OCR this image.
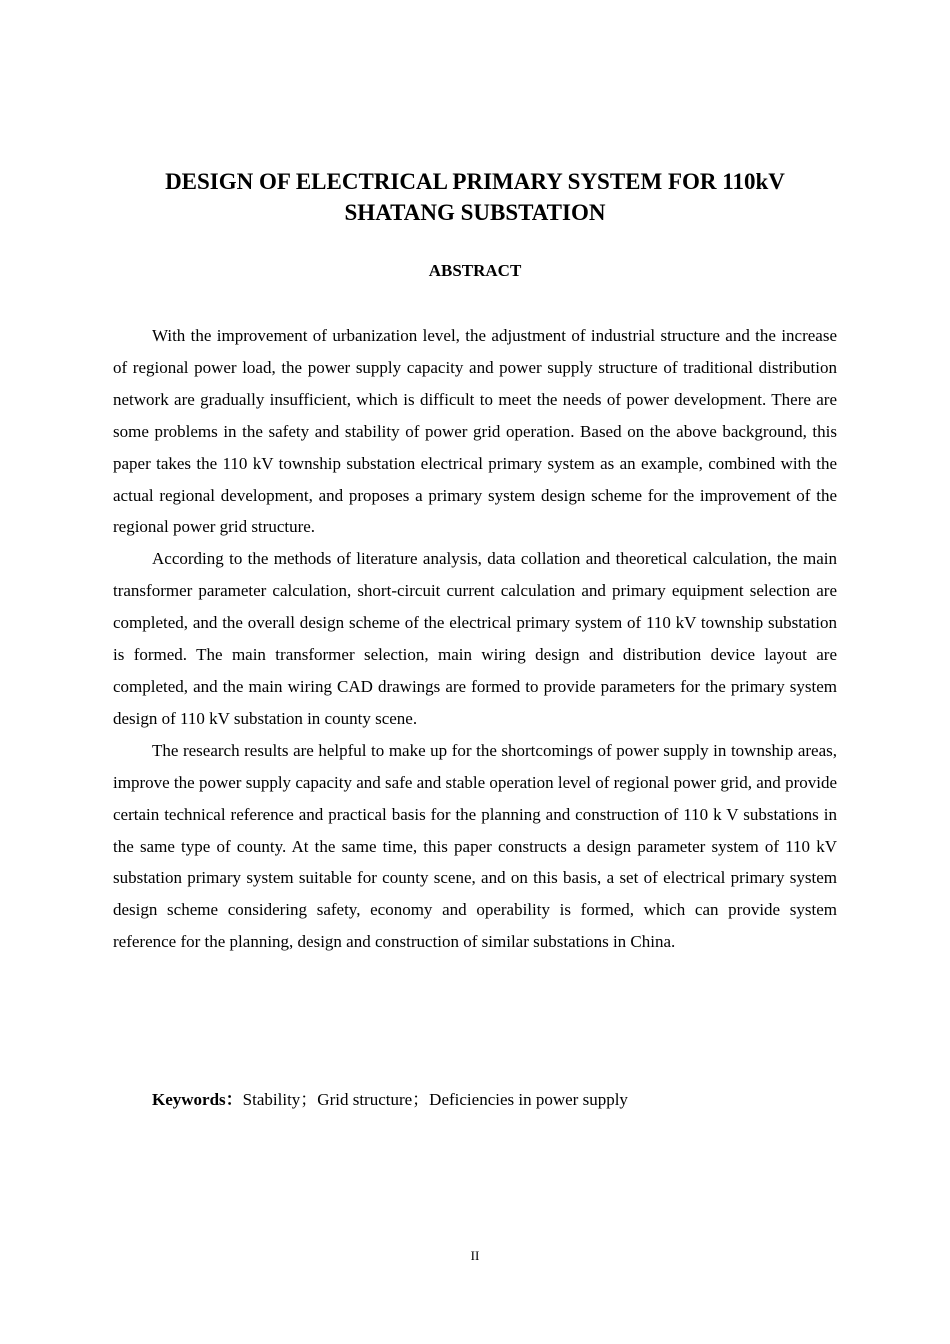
DESIGN OF ELECTRICAL PRIMARY SYSTEM FOR 110kV
SHATANG SUBSTATION
ABSTRACT

With the improvement of urbanization level, the adjustment of industrial structure and the increase of regional power load, the power supply capacity and power supply structure of traditional distribution network are gradually insufficient, which is difficult to meet the needs of power development. There are some problems in the safety and stability of power grid operation. Based on the above background, this paper takes the 110 kV township substation electrical primary system as an example, combined with the actual regional development, and proposes a primary system design scheme for the improvement of the regional power grid structure.

According to the methods of literature analysis, data collation and theoretical calculation, the main transformer parameter calculation, short-circuit current calculation and primary equipment selection are completed, and the overall design scheme of the electrical primary system of 110 kV township substation is formed. The main transformer selection, main wiring design and distribution device layout are completed, and the main wiring CAD drawings are formed to provide parameters for the primary system design of 110 kV substation in county scene.

The research results are helpful to make up for the shortcomings of power supply in township areas, improve the power supply capacity and safe and stable operation level of regional power grid, and provide certain technical reference and practical basis for the planning and construction of 110 k V substations in the same type of county. At the same time, this paper constructs a design parameter system of 110 kV substation primary system suitable for county scene, and on this basis, a set of electrical primary system design scheme considering safety, economy and operability is formed, which can provide system reference for the planning, design and construction of similar substations in China.

Keywords：Stability；Grid structure；Deficiencies in power supply
II
